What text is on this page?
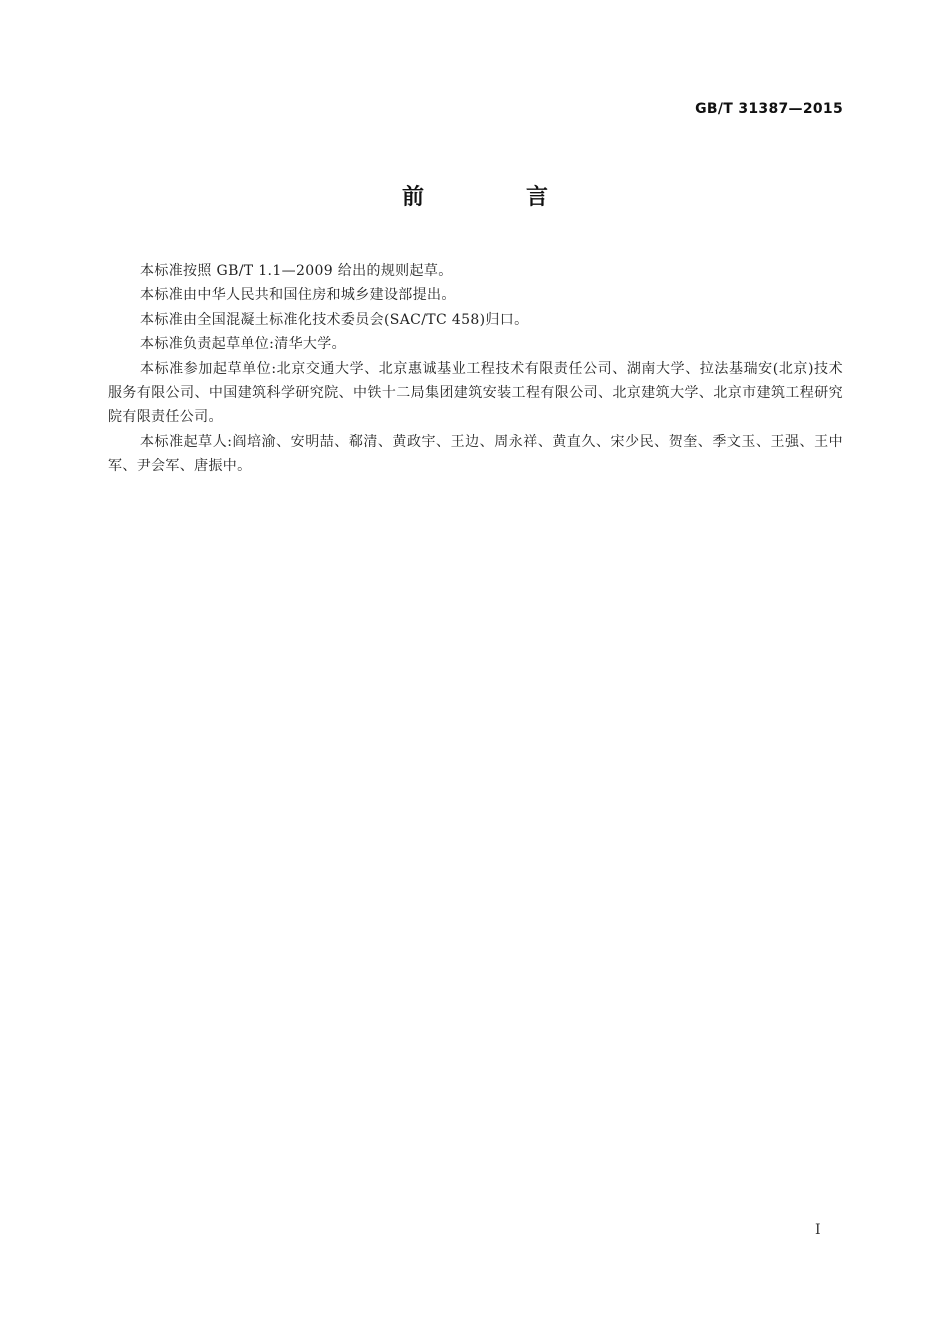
GB/T 31387—2015
前　言

本标准按照 GB/T 1.1—2009 给出的规则起草。

本标准由中华人民共和国住房和城乡建设部提出。

本标准由全国混凝土标准化技术委员会(SAC/TC 458)归口。

本标准负责起草单位:清华大学。

本标准参加起草单位:北京交通大学、北京惠诚基业工程技术有限责任公司、湖南大学、拉法基瑞安(北京)技术服务有限公司、中国建筑科学研究院、中铁十二局集团建筑安装工程有限公司、北京建筑大学、北京市建筑工程研究院有限责任公司。

本标准起草人:阎培渝、安明喆、郗清、黄政宇、王边、周永祥、黄直久、宋少民、贺奎、季文玉、王强、王中军、尹会军、唐振中。

I
